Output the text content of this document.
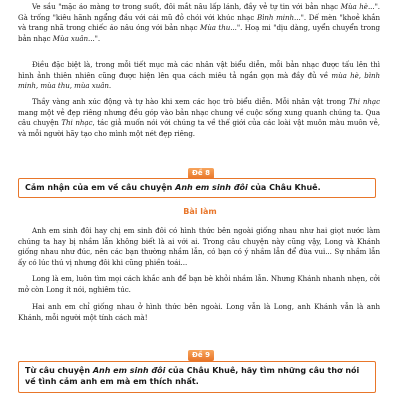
Ve sầu "mặc áo màng tơ trong suốt, đôi mắt nâu lấp lánh, đầy vẻ tự tin với bản nhạc Mùa hè...". Gà trống "kiêu hãnh ngẩng đầu với cái mũ đỏ chói với khúc nhạc Bình minh...". Dế mèn "khoẻ khắn và trang nhã trong chiếc áo nâu óng với bản nhạc Mùa thu...". Hoạ mi "dịu dàng, uyển chuyển trong bản nhạc Mùa xuân...".

Điều đặc biệt là, trong mỗi tiết mục mà các nhân vật biểu diễn, mỗi bản nhạc được tấu lên thì hình ảnh thiên nhiên cũng được hiện lên qua cách miêu tả ngắn gọn mà đầy đủ về mùa hè, bình minh, mùa thu, mùa xuân.

Thầy vàng anh xúc động và tự hào khi xem các học trò biểu diễn. Mỗi nhân vật trong Thi nhạc mang một vẻ đẹp riêng nhưng đều góp vào bản nhạc chung về cuộc sống xung quanh chúng ta. Qua câu chuyện Thi nhạc, tác giả muốn nói với chúng ta về thế giới của các loài vật muôn màu muôn vẻ, và mỗi người hãy tạo cho mình một nét đẹp riêng.

Đề 8
Cảm nhận của em về câu chuyện Anh em sinh đôi của Châu Khuê.
Bài làm

Anh em sinh đôi hay chị em sinh đôi có hình thức bên ngoài giống nhau như hai giọt nước làm chúng ta hay bị nhầm lẫn không biết là ai với ai. Trong câu chuyện này cũng vậy, Long và Khánh giống nhau như đúc, nên các bạn thường nhầm lẫn, có bạn có ý nhầm lẫn để đùa vui... Sự nhầm lẫn ấy có lúc thú vị nhưng đôi khi cũng phiền toái...

Long là em, luôn tìm mọi cách khắc anh để bạn bè khỏi nhầm lẫn. Nhưng Khánh nhanh nhẹn, cởi mở còn Long ít nói, nghiêm túc.

Hai anh em chỉ giống nhau ở hình thức bên ngoài. Long vẫn là Long, anh Khánh vẫn là anh Khánh, mỗi người một tính cách mà!

Đề 9
Từ câu chuyện Anh em sinh đôi của Châu Khuê, hãy tìm những câu thơ nói về tình cảm anh em mà em thích nhất.
